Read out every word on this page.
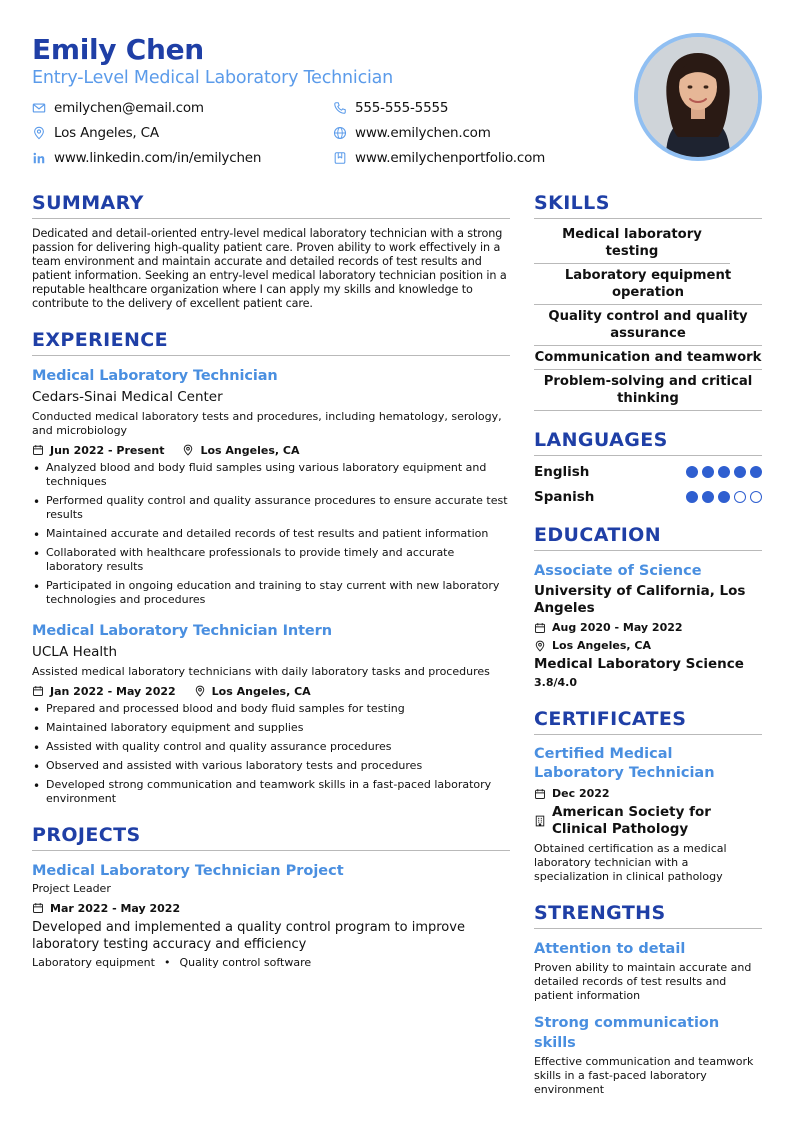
Emily Chen
Entry-Level Medical Laboratory Technician
emilychen@email.com	555-555-5555
Los Angeles, CA	www.emilychen.com
www.linkedin.com/in/emilychen	www.emilychenportfolio.com
SUMMARY

Dedicated and detail-oriented entry-level medical laboratory technician with a strong passion for delivering high-quality patient care. Proven ability to work effectively in a team environment and maintain accurate and detailed records of test results and patient information. Seeking an entry-level medical laboratory technician position in a reputable healthcare organization where I can apply my skills and knowledge to contribute to the delivery of excellent patient care.

EXPERIENCE
Medical Laboratory Technician
Cedars-Sinai Medical Center
Conducted medical laboratory tests and procedures, including hematology, serology, and microbiology
Jun 2022 - Present	Los Angeles, CA
• Analyzed blood and body fluid samples using various laboratory equipment and techniques
• Performed quality control and quality assurance procedures to ensure accurate test results
• Maintained accurate and detailed records of test results and patient information
• Collaborated with healthcare professionals to provide timely and accurate laboratory results
• Participated in ongoing education and training to stay current with new laboratory technologies and procedures
Medical Laboratory Technician Intern
UCLA Health
Assisted medical laboratory technicians with daily laboratory tasks and procedures
Jan 2022 - May 2022	Los Angeles, CA
• Prepared and processed blood and body fluid samples for testing
• Maintained laboratory equipment and supplies
• Assisted with quality control and quality assurance procedures
• Observed and assisted with various laboratory tests and procedures
• Developed strong communication and teamwork skills in a fast-paced laboratory environment
PROJECTS
Medical Laboratory Technician Project
Project Leader
Mar 2022 - May 2022
Developed and implemented a quality control program to improve laboratory testing accuracy and efficiency
Laboratory equipment • Quality control software
SKILLS
Medical laboratory testing
Laboratory equipment operation
Quality control and quality assurance
Communication and teamwork
Problem-solving and critical thinking
LANGUAGES
English
Spanish
EDUCATION
Associate of Science
University of California, Los Angeles
Aug 2020 - May 2022
Los Angeles, CA
Medical Laboratory Science
3.8/4.0
CERTIFICATES
Certified Medical Laboratory Technician
Dec 2022
American Society for Clinical Pathology
Obtained certification as a medical laboratory technician with a specialization in clinical pathology
STRENGTHS
Attention to detail
Proven ability to maintain accurate and detailed records of test results and patient information
Strong communication skills
Effective communication and teamwork skills in a fast-paced laboratory environment
